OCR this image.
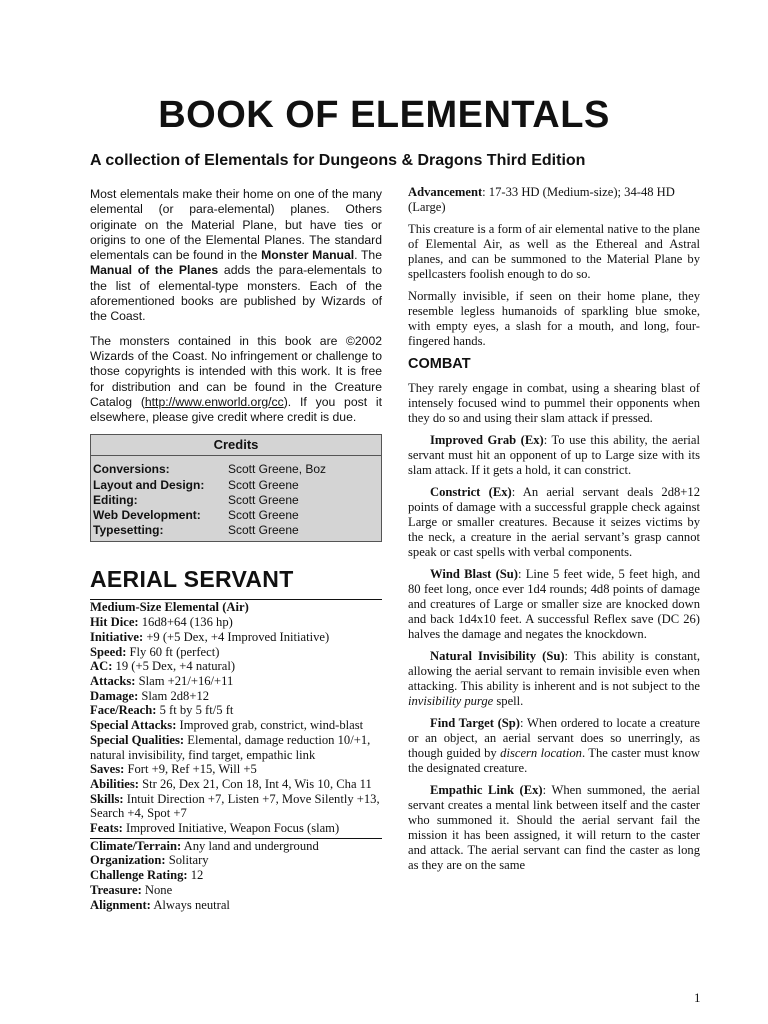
BOOK OF ELEMENTALS
A collection of Elementals for Dungeons & Dragons Third Edition

Most elementals make their home on one of the many elemental (or para-elemental) planes. Others originate on the Material Plane, but have ties or origins to one of the Elemental Planes. The standard elementals can be found in the Monster Manual. The Manual of the Planes adds the para-elementals to the list of elemental-type monsters. Each of the aforementioned books are published by Wizards of the Coast.

The monsters contained in this book are ©2002 Wizards of the Coast. No infringement or challenge to those copyrights is intended with this work. It is free for distribution and can be found in the Creature Catalog (http://www.enworld.org/cc). If you post it elsewhere, please give credit where credit is due.

Credits
Conversions:	Scott Greene, Boz
Layout and Design:	Scott Greene
Editing:	Scott Greene
Web Development:	Scott Greene
Typesetting:	Scott Greene
AERIAL SERVANT
Medium-Size Elemental (Air)
Hit Dice: 16d8+64 (136 hp)
Initiative: +9 (+5 Dex, +4 Improved Initiative)
Speed: Fly 60 ft (perfect)
AC: 19 (+5 Dex, +4 natural)
Attacks: Slam +21/+16/+11
Damage: Slam 2d8+12
Face/Reach: 5 ft by 5 ft/5 ft
Special Attacks: Improved grab, constrict, wind-blast
Special Qualities: Elemental, damage reduction 10/+1, natural invisibility, find target, empathic link
Saves: Fort +9, Ref +15, Will +5
Abilities: Str 26, Dex 21, Con 18, Int 4, Wis 10, Cha 11
Skills: Intuit Direction +7, Listen +7, Move Silently +13, Search +4, Spot +7
Feats: Improved Initiative, Weapon Focus (slam)
Climate/Terrain: Any land and underground
Organization: Solitary
Challenge Rating: 12
Treasure: None
Alignment: Always neutral

Advancement: 17-33 HD (Medium-size); 34-48 HD (Large)

This creature is a form of air elemental native to the plane of Elemental Air, as well as the Ethereal and Astral planes, and can be summoned to the Material Plane by spellcasters foolish enough to do so.

Normally invisible, if seen on their home plane, they resemble legless humanoids of sparkling blue smoke, with empty eyes, a slash for a mouth, and long, four-fingered hands.

COMBAT

They rarely engage in combat, using a shearing blast of intensely focused wind to pummel their opponents when they do so and using their slam attack if pressed.

Improved Grab (Ex): To use this ability, the aerial servant must hit an opponent of up to Large size with its slam attack. If it gets a hold, it can constrict.

Constrict (Ex): An aerial servant deals 2d8+12 points of damage with a successful grapple check against Large or smaller creatures. Because it seizes victims by the neck, a creature in the aerial servant’s grasp cannot speak or cast spells with verbal components.

Wind Blast (Su): Line 5 feet wide, 5 feet high, and 80 feet long, once ever 1d4 rounds; 4d8 points of damage and creatures of Large or smaller size are knocked down and back 1d4x10 feet. A successful Reflex save (DC 26) halves the damage and negates the knockdown.

Natural Invisibility (Su): This ability is constant, allowing the aerial servant to remain invisible even when attacking. This ability is inherent and is not subject to the invisibility purge spell.

Find Target (Sp): When ordered to locate a creature or an object, an aerial servant does so unerringly, as though guided by discern location. The caster must know the designated creature.

Empathic Link (Ex): When summoned, the aerial servant creates a mental link between itself and the caster who summoned it. Should the aerial servant fail the mission it has been assigned, it will return to the caster and attack. The aerial servant can find the caster as long as they are on the same

1
